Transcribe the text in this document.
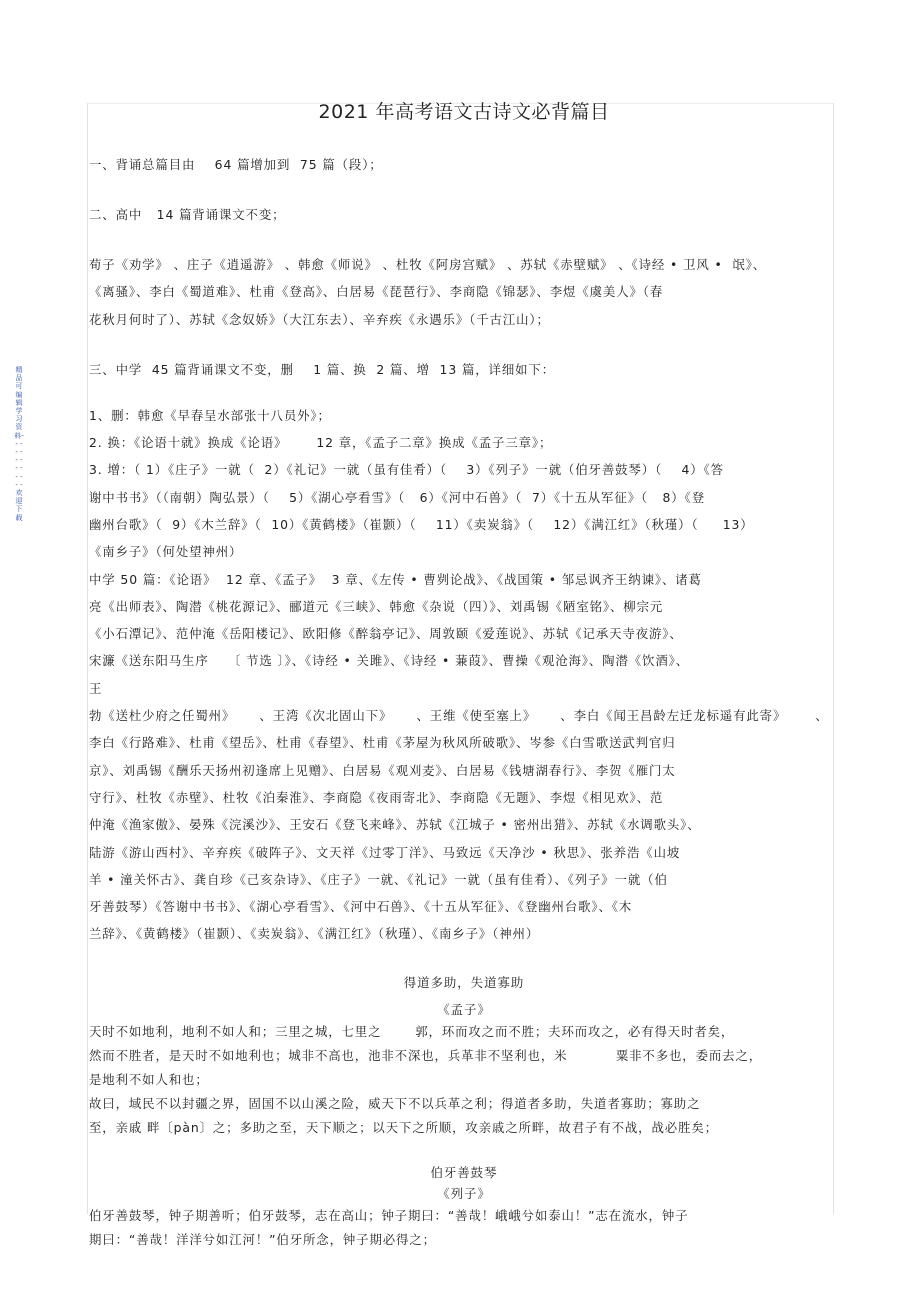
精品可编辑学习资料- - - - - - - - - - - - - 欢迎下载
2021 年高考语文古诗文必背篇目
一、背诵总篇目由    64 篇增加到  75 篇（段）；
二、高中   14 篇背诵课文不变；
荀子《劝学》 、庄子《逍遥游》 、韩愈《师说》 、杜牧《阿房宫赋》 、苏轼《赤壁赋》 、《诗经 • 卫风 •  氓》、
《离骚》、李白《蜀道难》、杜甫《登高》、白居易《琵琶行》、李商隐《锦瑟》、李煜《虞美人》（春
花秋月何时了）、苏轼《念奴娇》（大江东去）、辛弃疾《永遇乐》（千古江山）；
三、中学  45 篇背诵课文不变，删    1 篇、换  2 篇、增  13 篇，详细如下：
1、删：韩愈《早春呈水部张十八员外》；
2. 换：《论语十就》换成《论语》      12 章，《孟子二章》换成《孟子三章》；
3. 增：（ 1）《庄子》一就（  2）《礼记》一就（虽有佳肴）（    3）《列子》一就（伯牙善鼓琴）（    4）《答
谢中书书》（（南朝）陶弘景）（    5）《湖心亭看雪》（   6）《河中石兽》（  7）《十五从军征》（   8）《登
幽州台歌》（  9）《木兰辞》（  10）《黄鹤楼》（崔颢）（    11）《卖炭翁》（    12）《满江红》（秋瑾）（     13）
《南乡子》（何处望神州）
中学 50 篇：《论语》  12 章、《孟子》  3 章、《左传 • 曹刿论战》、《战国策 • 邹忌讽齐王纳谏》、诸葛
亮《出师表》、陶潜《桃花源记》、郦道元《三峡》、韩愈《杂说（四）》、刘禹锡《陋室铭》、柳宗元
《小石潭记》、范仲淹《岳阳楼记》、欧阳修《醉翁亭记》、周敦颐《爱莲说》、苏轼《记承天寺夜游》、
宋濂《送东阳马生序    〔 节选 〕》、《诗经 • 关雎》、《诗经 • 蒹葭》、曹操《观沧海》、陶潜《饮酒》、
王
勃《送杜少府之任蜀州》     、王湾《次北固山下》     、王维《使至塞上》     、李白《闻王昌龄左迁龙标遥有此寄》      、
李白《行路难》、杜甫《望岳》、杜甫《春望》、杜甫《茅屋为秋风所破歌》、岑参《白雪歌送武判官归
京》、刘禹锡《酬乐天扬州初逢席上见赠》、白居易《观刈麦》、白居易《钱塘湖春行》、李贺《雁门太
守行》、杜牧《赤壁》、杜牧《泊秦淮》、李商隐《夜雨寄北》、李商隐《无题》、李煜《相见欢》、范
仲淹《渔家傲》、晏殊《浣溪沙》、王安石《登飞来峰》、苏轼《江城子 • 密州出猎》、苏轼《水调歌头》、
陆游《游山西村》、辛弃疾《破阵子》、文天祥《过零丁洋》、马致远《天净沙 • 秋思》、张养浩《山坡
羊 • 潼关怀古》、龚自珍《己亥杂诗》、《庄子》一就、《礼记》一就（虽有佳肴）、《列子》一就（伯
牙善鼓琴）《答谢中书书》、《湖心亭看雪》、《河中石兽》、《十五从军征》、《登幽州台歌》、《木
兰辞》、《黄鹤楼》（崔颢）、《卖炭翁》、《满江红》（秋瑾）、《南乡子》（神州）
得道多助，失道寡助
《孟子》
天时不如地利，地利不如人和；三里之城，七里之       郭，环而攻之而不胜；夫环而攻之，必有得天时者矣，
然而不胜者，是天时不如地利也；城非不高也，池非不深也，兵革非不坚利也，米          粟非不多也，委而去之，
是地利不如人和也；
故曰，域民不以封疆之界，固国不以山溪之险，威天下不以兵革之利；得道者多助，失道者寡助；寡助之
至，亲戚 畔〔pàn〕之；多助之至，天下顺之；以天下之所顺，攻亲戚之所畔，故君子有不战，战必胜矣；
伯牙善鼓琴
《列子》
伯牙善鼓琴，钟子期善听；伯牙鼓琴，志在高山；钟子期曰：“善哉！峨峨兮如泰山！”志在流水，钟子
期曰：“善哉！洋洋兮如江河！”伯牙所念，钟子期必得之；
